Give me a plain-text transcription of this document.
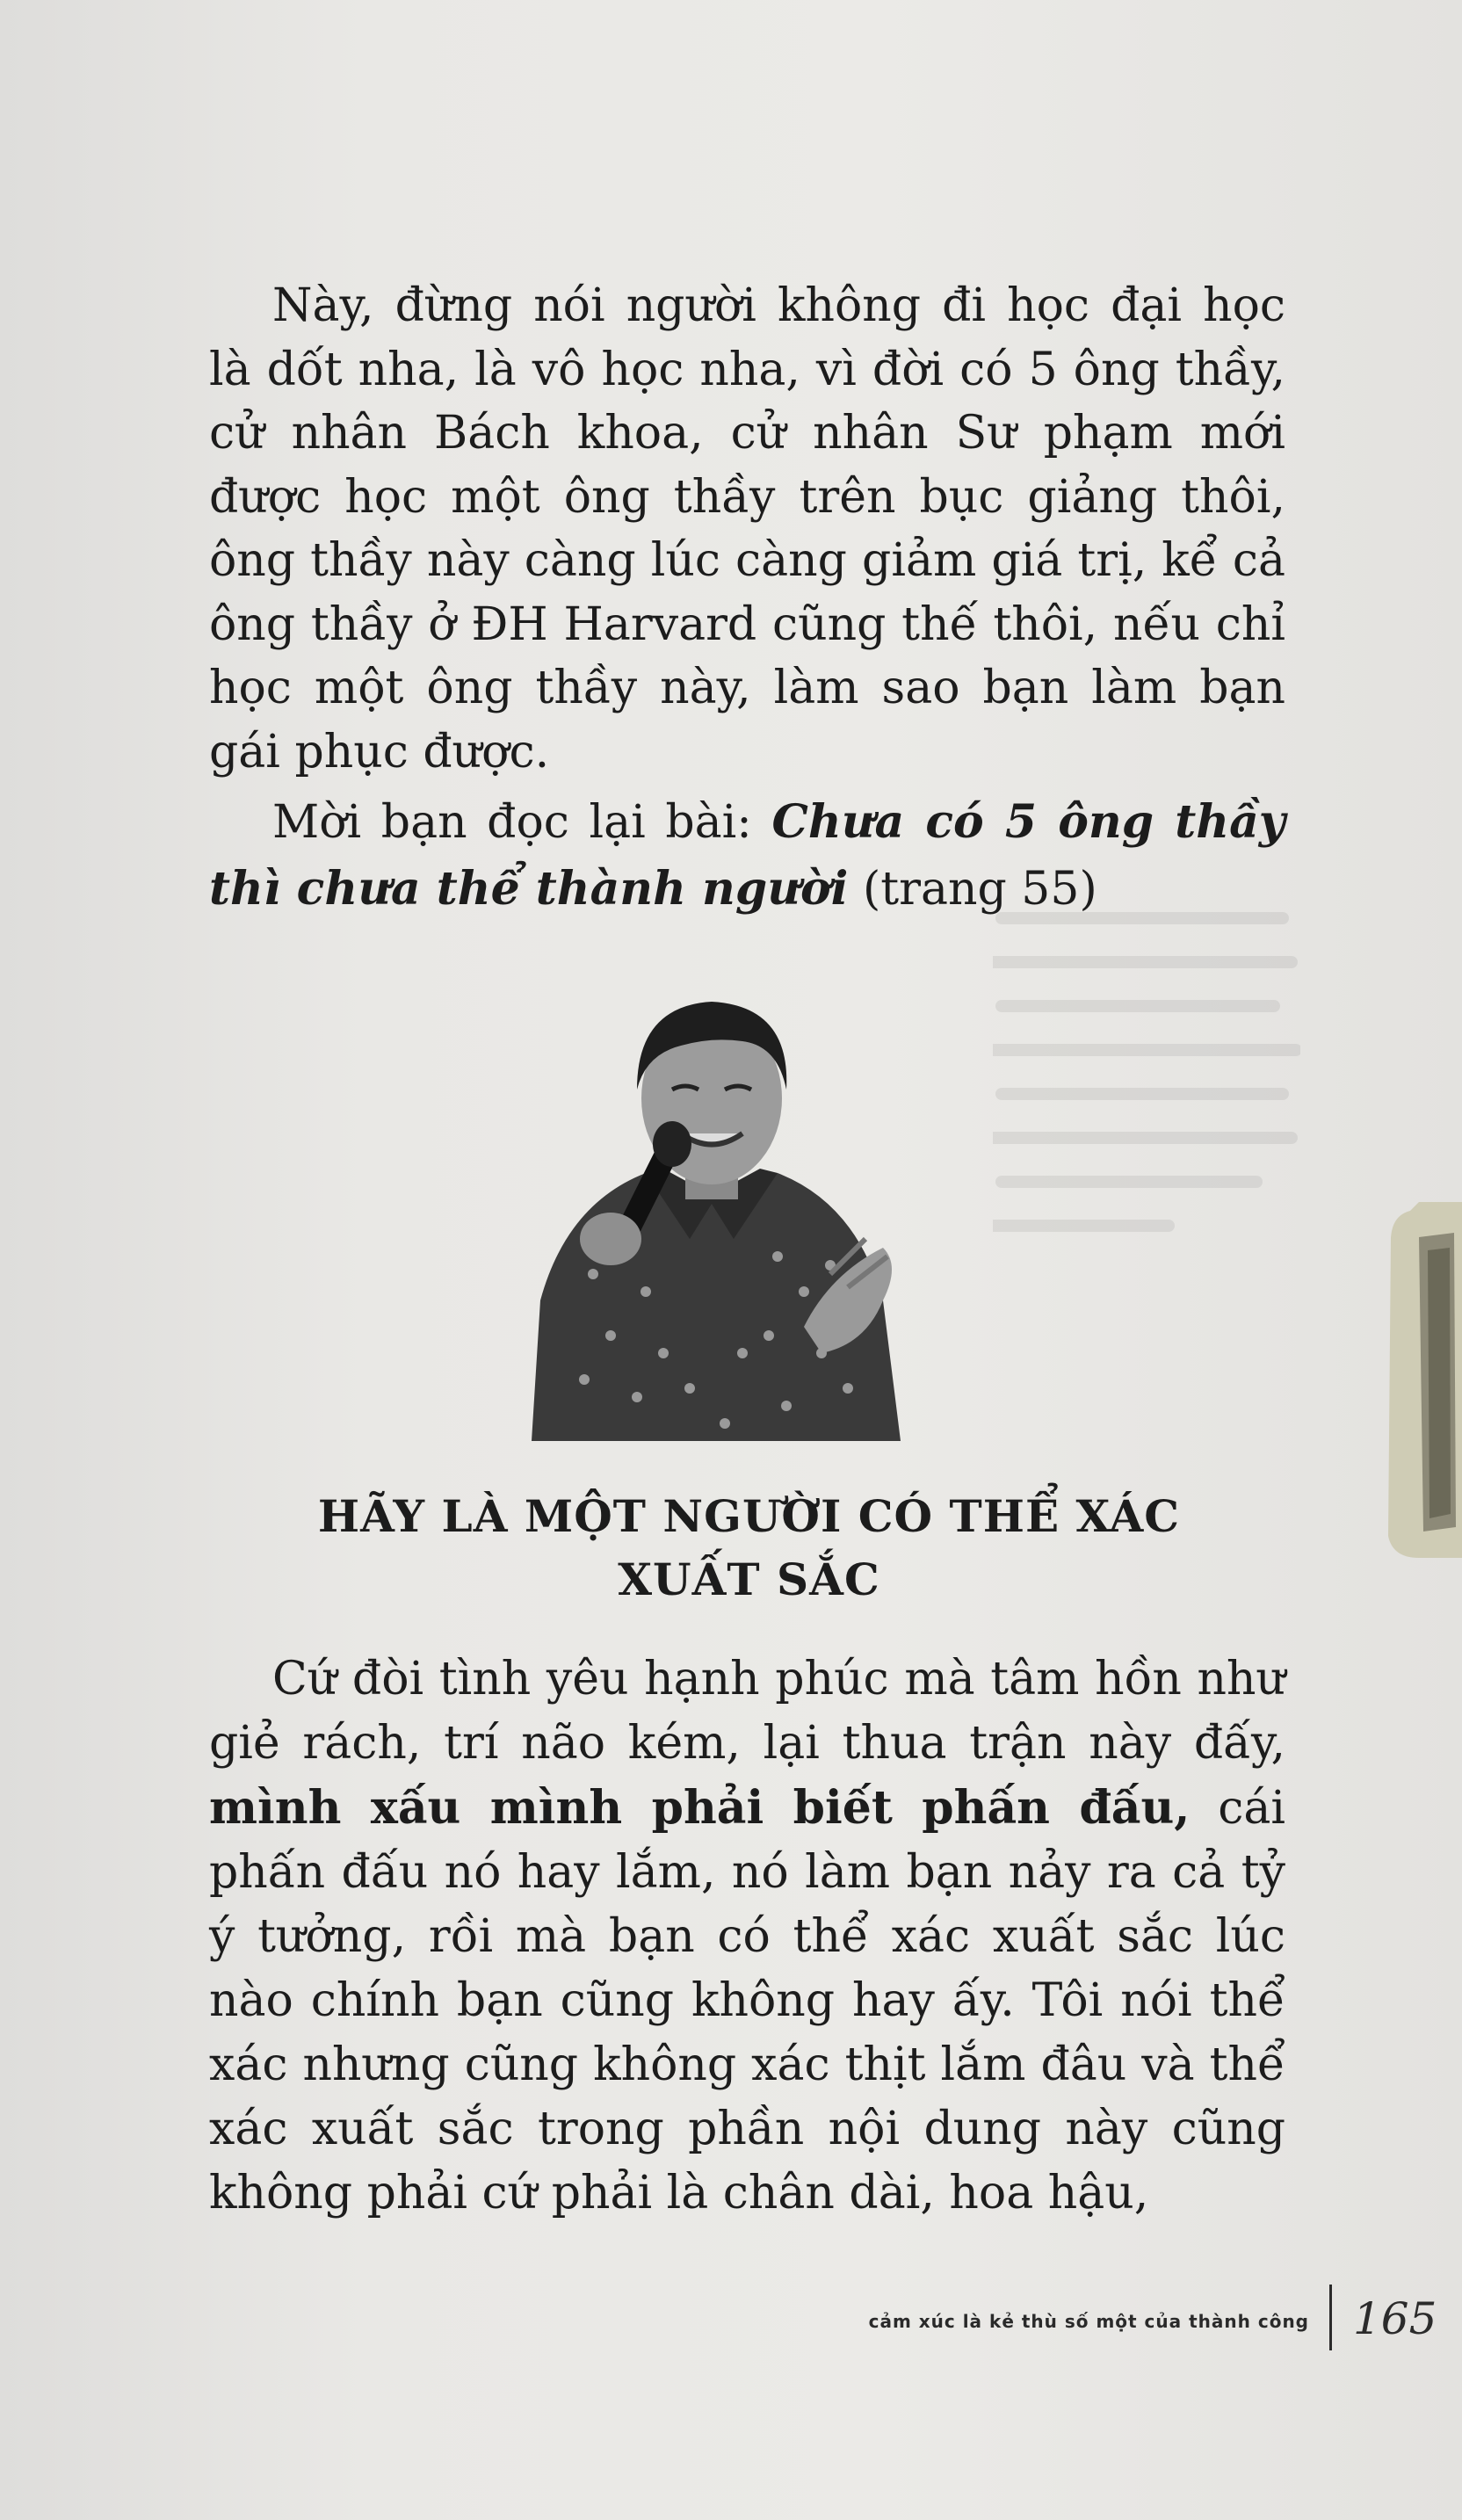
Này, đừng nói người không đi học đại học là dốt nha, là vô học nha, vì đời có 5 ông thầy, cử nhân Bách khoa, cử nhân Sư phạm mới được học một ông thầy trên bục giảng thôi, ông thầy này càng lúc càng giảm giá trị, kể cả ông thầy ở ĐH Harvard cũng thế thôi, nếu chỉ học một ông thầy này, làm sao bạn làm bạn gái phục được.

Mời bạn đọc lại bài: Chưa có 5 ông thầy thì chưa thể thành người (trang 55)

HÃY LÀ MỘT NGƯỜI CÓ THỂ XÁC
XUẤT SẮC

Cứ đòi tình yêu hạnh phúc mà tâm hồn như giẻ rách, trí não kém, lại thua trận này đấy, mình xấu mình phải biết phấn đấu, cái phấn đấu nó hay lắm, nó làm bạn nảy ra cả tỷ ý tưởng, rồi mà bạn có thể xác xuất sắc lúc nào chính bạn cũng không hay ấy. Tôi nói thể xác nhưng cũng không xác thịt lắm đâu và thể xác xuất sắc trong phần nội dung này cũng không phải cứ phải là chân dài, hoa hậu,

cảm xúc là kẻ thù số một của thành công 165
